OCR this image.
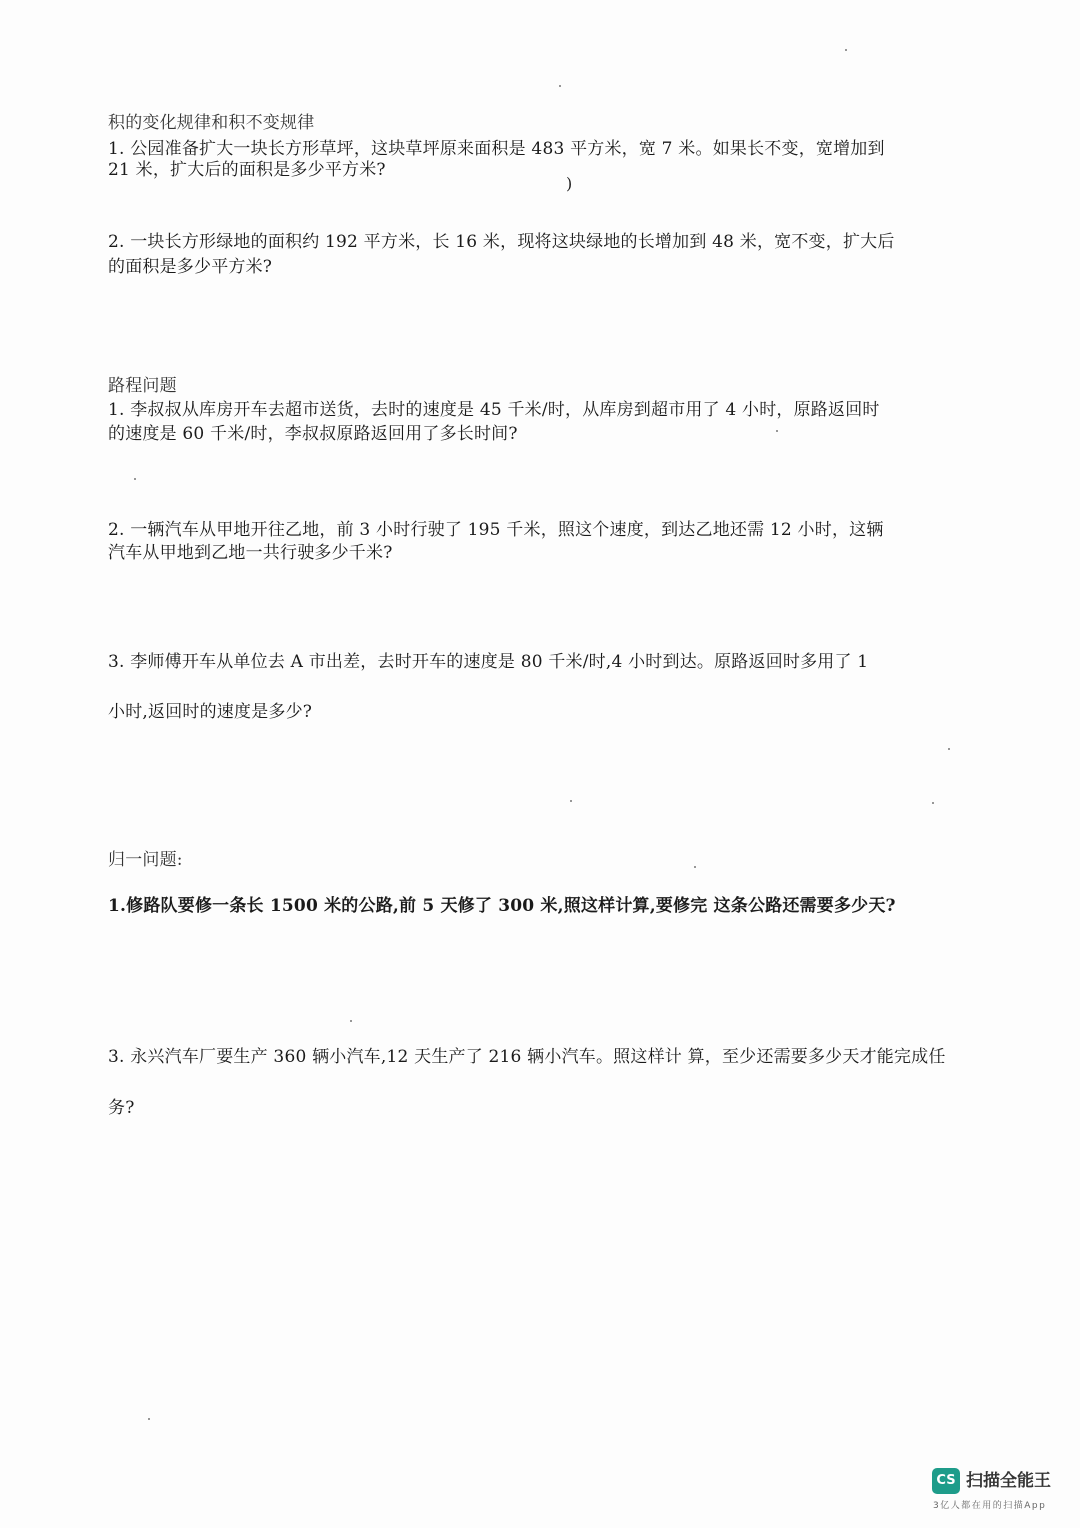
积的变化规律和积不变规律
1. 公园准备扩大一块长方形草坪，这块草坪原来面积是 483 平方米，宽 7 米。如果长不变，宽增加到
21 米，扩大后的面积是多少平方米?
)
2. 一块长方形绿地的面积约 192 平方米，长 16 米，现将这块绿地的长增加到 48 米，宽不变，扩大后
的面积是多少平方米?
路程问题
1. 李叔叔从库房开车去超市送货，去时的速度是 45 千米/时，从库房到超市用了 4 小时，原路返回时
的速度是 60 千米/时，李叔叔原路返回用了多长时间?
2. 一辆汽车从甲地开往乙地，前 3 小时行驶了 195 千米，照这个速度，到达乙地还需 12 小时，这辆
汽车从甲地到乙地一共行驶多少千米?
3. 李师傅开车从单位去 A 市出差，去时开车的速度是 80 千米/时,4 小时到达。原路返回时多用了 1
小时,返回时的速度是多少?
归一问题:
1.修路队要修一条长 1500 米的公路,前 5 天修了 300 米,照这样计算,要修完 这条公路还需要多少天?
3. 永兴汽车厂要生产 360 辆小汽车,12 天生产了 216 辆小汽车。照这样计 算，至少还需要多少天才能完成任
务?
CS 扫描全能王
3亿人都在用的扫描App
